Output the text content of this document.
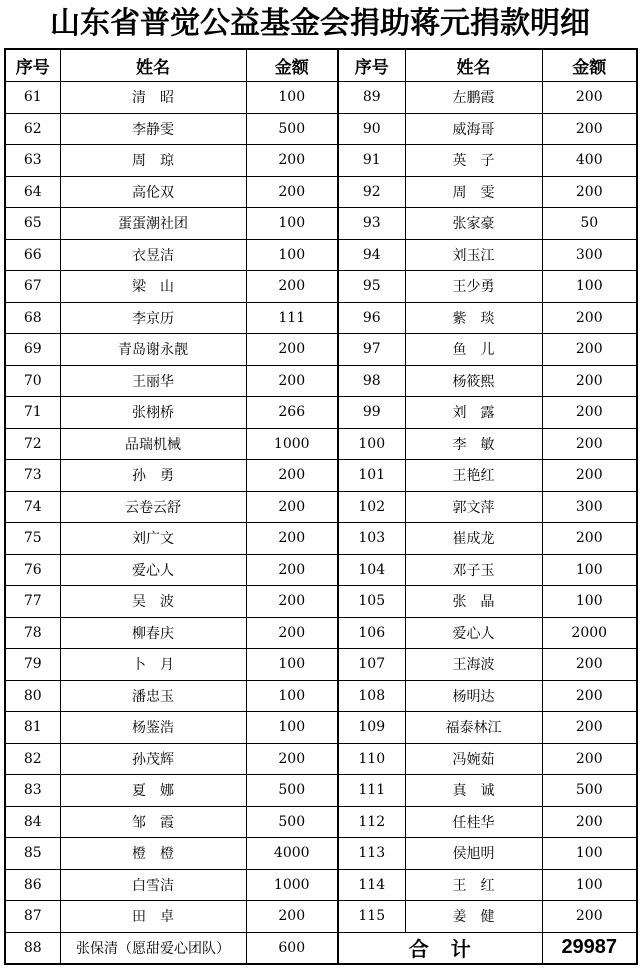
山东省普觉公益基金会捐助蒋元捐款明细
序号	姓名	金额	序号	姓名	金额
61	清　昭	100	89	左鹏霞	200
62	李静雯	500	90	威海哥	200
63	周　琼	200	91	英　子	400
64	高伦双	200	92	周　雯	200
65	蛋蛋潮社团	100	93	张家豪	50
66	衣昱洁	100	94	刘玉江	300
67	梁　山	200	95	王少勇	100
68	李京历	111	96	紫　琰	200
69	青岛谢永靓	200	97	鱼　儿	200
70	王丽华	200	98	杨筱熙	200
71	张栩桥	266	99	刘　露	200
72	品瑞机械	1000	100	李　敏	200
73	孙　勇	200	101	王艳红	200
74	云卷云舒	200	102	郭文萍	300
75	刘广文	200	103	崔成龙	200
76	爱心人	200	104	邓子玉	100
77	吴　波	200	105	张　晶	100
78	柳春庆	200	106	爱心人	2000
79	卜　月	100	107	王海波	200
80	潘忠玉	100	108	杨明达	200
81	杨鉴浩	100	109	福泰林江	200
82	孙茂辉	200	110	冯婉茹	200
83	夏　娜	500	111	真　诚	500
84	邹　霞	500	112	任桂华	200
85	橙　橙	4000	113	侯旭明	100
86	白雪洁	1000	114	王　红	100
87	田　卓	200	115	姜　健	200
88	张保清（愿甜爱心团队）	600	合　计		29987
